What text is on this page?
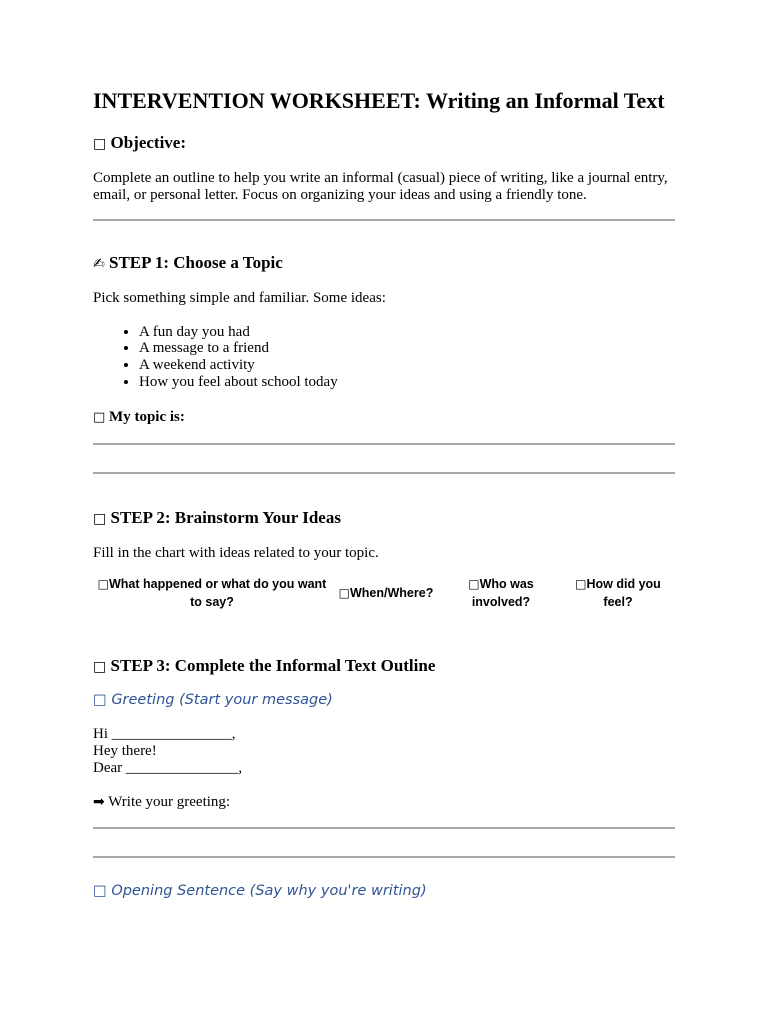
INTERVENTION WORKSHEET: Writing an Informal Text
□ Objective:

Complete an outline to help you write an informal (casual) piece of writing, like a journal entry, email, or personal letter. Focus on organizing your ideas and using a friendly tone.

✍ STEP 1: Choose a Topic

Pick something simple and familiar. Some ideas:

• A fun day you had
• A message to a friend
• A weekend activity
• How you feel about school today
□ My topic is:
□ STEP 2: Brainstorm Your Ideas

Fill in the chart with ideas related to your topic.

□What happened or what do you want to say?	□When/Where?	□Who was involved?	□How did you feel?
□ STEP 3: Complete the Informal Text Outline
□ Greeting (Start your message)
Hi ________________,
Hey there!
Dear _______________,

➡ Write your greeting:

□ Opening Sentence (Say why you're writing)
